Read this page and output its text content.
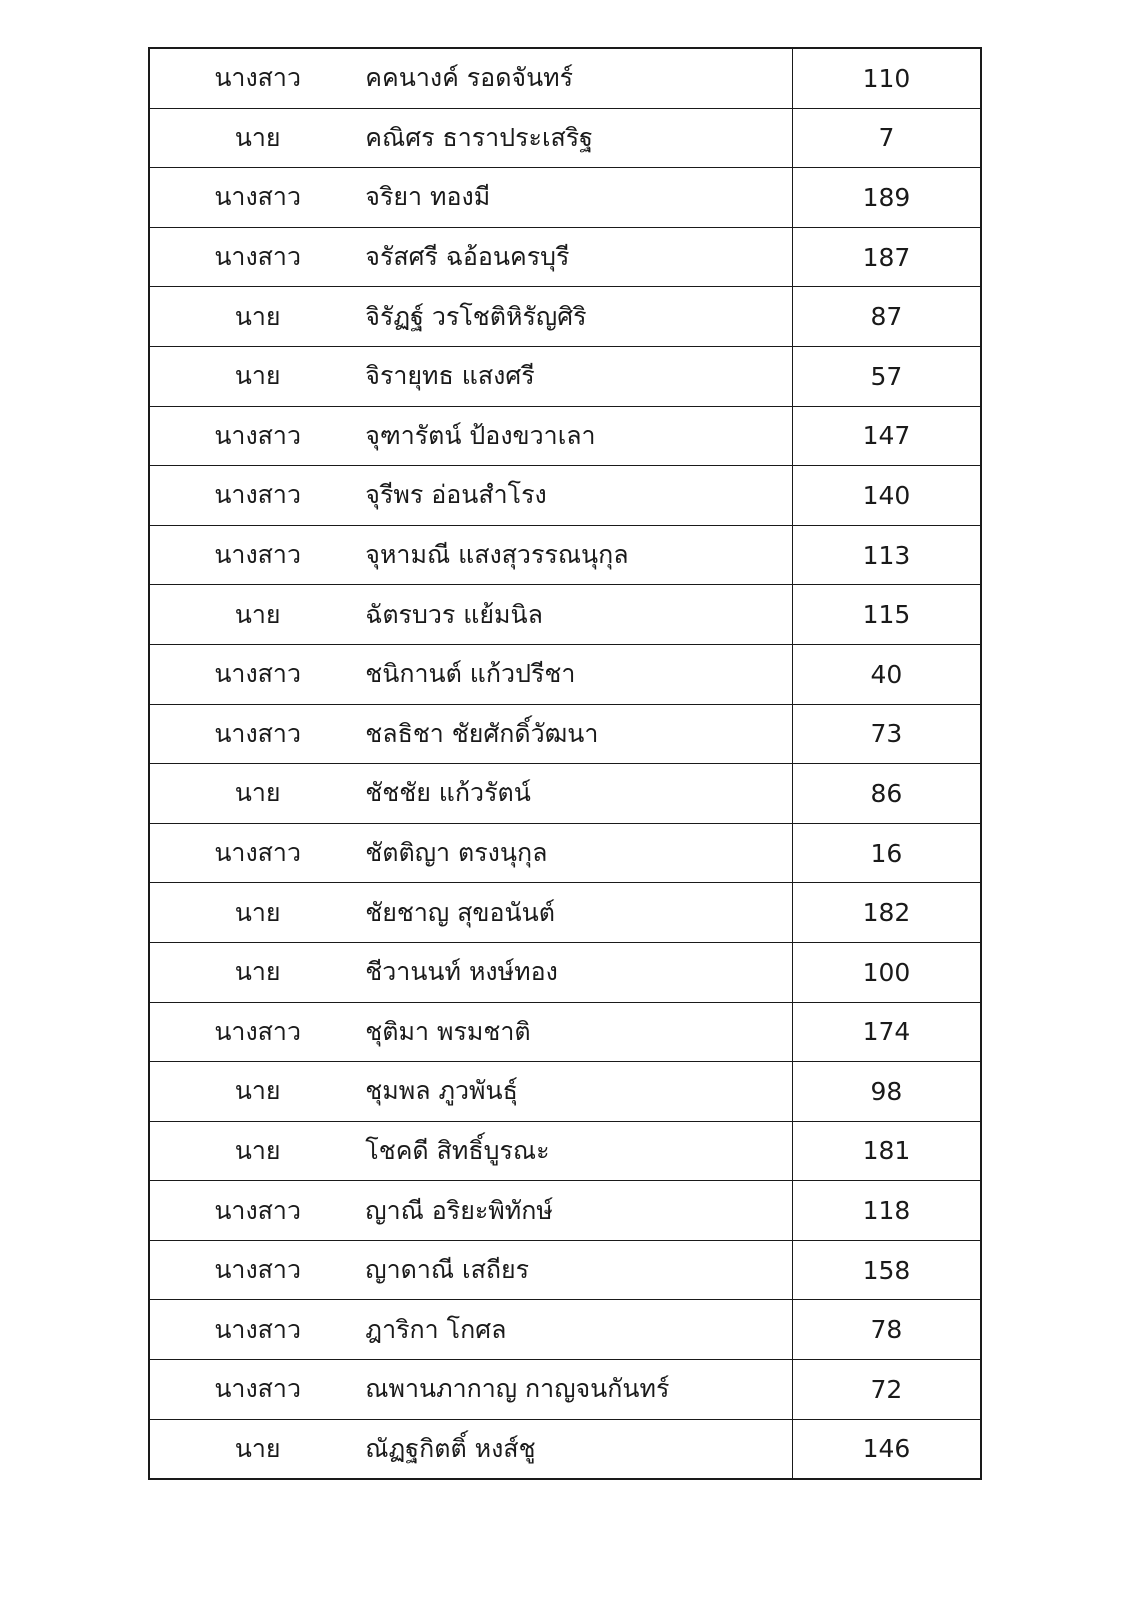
นางสาว	คคนางค์ รอดจันทร์	110
นาย	คณิศร ธาราประเสริฐ	7
นางสาว	จริยา ทองมี	189
นางสาว	จรัสศรี ฉอ้อนครบุรี	187
นาย	จิรัฏฐ์ วรโชติหิรัญศิริ	87
นาย	จิรายุทธ แสงศรี	57
นางสาว	จุฑารัตน์ ป้องขวาเลา	147
นางสาว	จุรีพร อ่อนสำโรง	140
นางสาว	จุหามณี แสงสุวรรณนุกุล	113
นาย	ฉัตรบวร แย้มนิล	115
นางสาว	ชนิกานต์ แก้วปรีชา	40
นางสาว	ชลธิชา ชัยศักดิ์วัฒนา	73
นาย	ชัชชัย แก้วรัตน์	86
นางสาว	ชัตติญา ตรงนุกุล	16
นาย	ชัยชาญ สุขอนันต์	182
นาย	ชีวานนท์ หงษ์ทอง	100
นางสาว	ชุติมา พรมชาติ	174
นาย	ชุมพล ภูวพันธุ์	98
นาย	โชคดี สิทธิ์บูรณะ	181
นางสาว	ญาณี อริยะพิทักษ์	118
นางสาว	ญาดาณี เสถียร	158
นางสาว	ฎาริกา โกศล	78
นางสาว	ณพานภากาญ กาญจนกันทร์	72
นาย	ณัฏฐกิตติ์ หงส์ชู	146
